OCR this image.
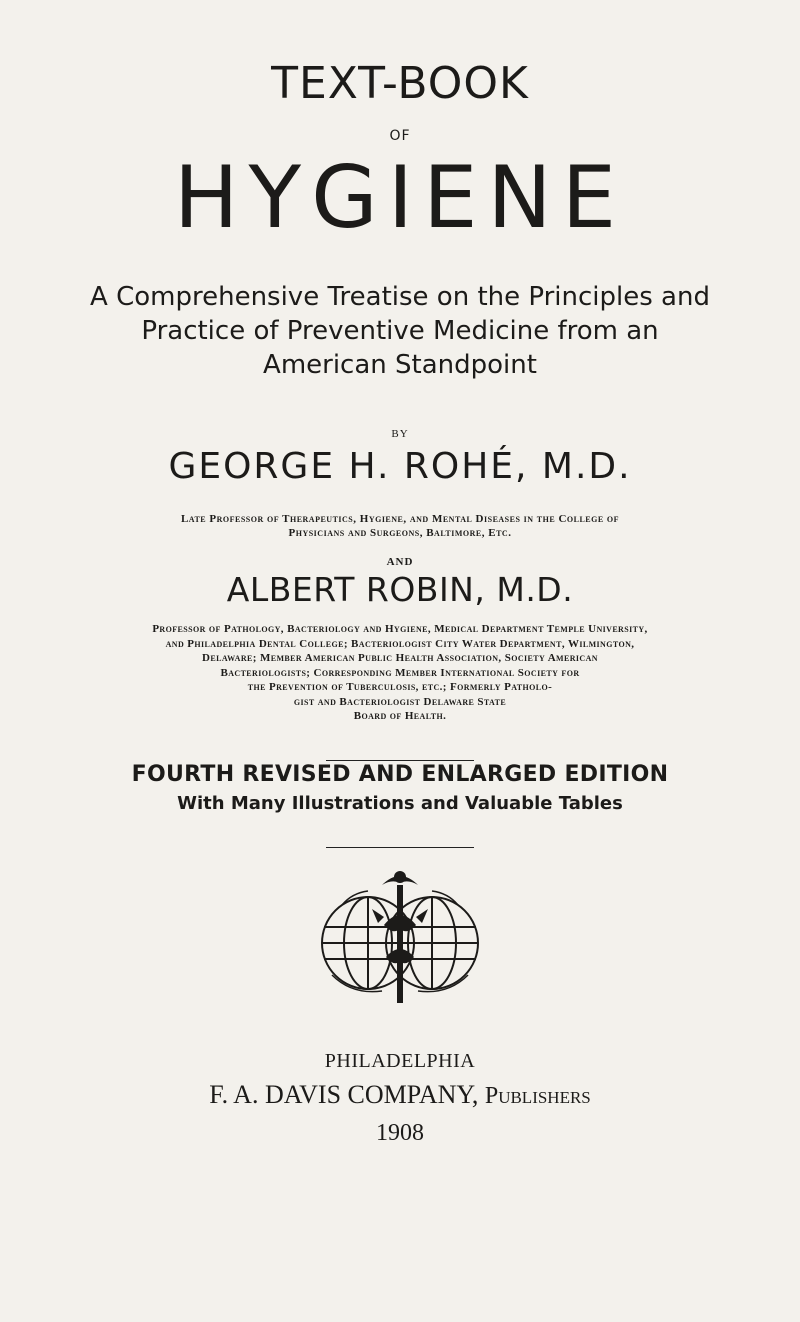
TEXT-BOOK
OF
HYGIENE
A Comprehensive Treatise on the Principles and
Practice of Preventive Medicine from an
American Standpoint
BY
GEORGE H. ROHÉ, M.D.
Late Professor of Therapeutics, Hygiene, and Mental Diseases in the College of
Physicians and Surgeons, Baltimore, Etc.
AND
ALBERT ROBIN, M.D.
Professor of Pathology, Bacteriology and Hygiene, Medical Department Temple University,
and Philadelphia Dental College; Bacteriologist City Water Department, Wilmington,
Delaware; Member American Public Health Association, Society American
Bacteriologists; Corresponding Member International Society for
the Prevention of Tuberculosis, etc.; Formerly Patholo-
gist and Bacteriologist Delaware State
Board of Health.
FOURTH REVISED AND ENLARGED EDITION
With Many Illustrations and Valuable Tables
PHILADELPHIA
F. A. DAVIS COMPANY, Publishers
1908
